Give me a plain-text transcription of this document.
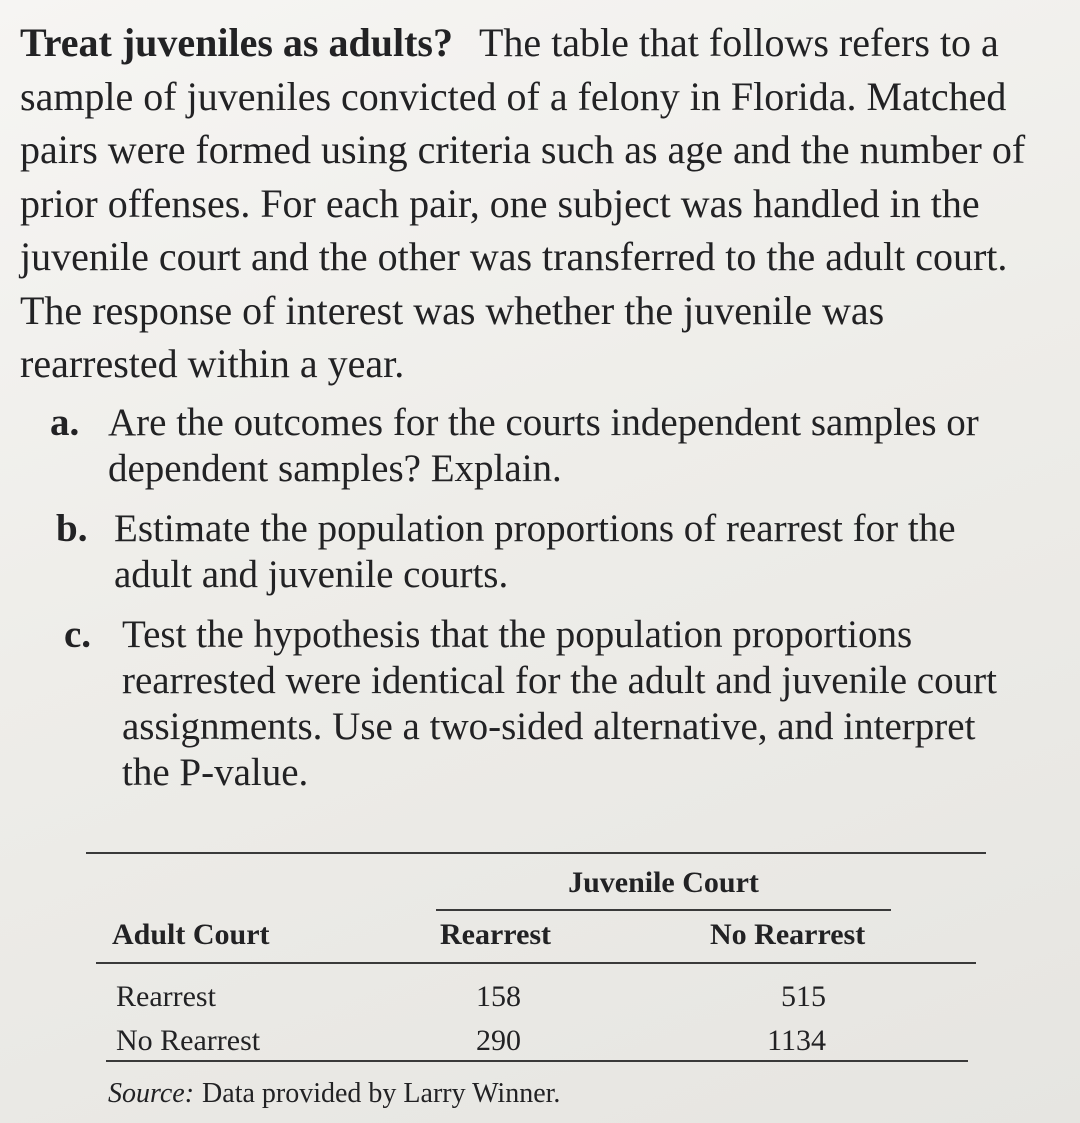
Treat juveniles as adults? The table that follows refers to a sample of juveniles convicted of a felony in Florida. Matched pairs were formed using criteria such as age and the number of prior offenses. For each pair, one subject was handled in the juvenile court and the other was transferred to the adult court. The response of interest was whether the juvenile was rearrested within a year.

a. Are the outcomes for the courts independent samples or dependent samples? Explain.
b. Estimate the population proportions of rearrest for the adult and juvenile courts.
c. Test the hypothesis that the population proportions rearrested were identical for the adult and juvenile court assignments. Use a two-sided alternative, and interpret the P-value.
Juvenile Court
Adult Court	Rearrest	No Rearrest
Rearrest	158	515
No Rearrest	290	1134
Source: Data provided by Larry Winner.
